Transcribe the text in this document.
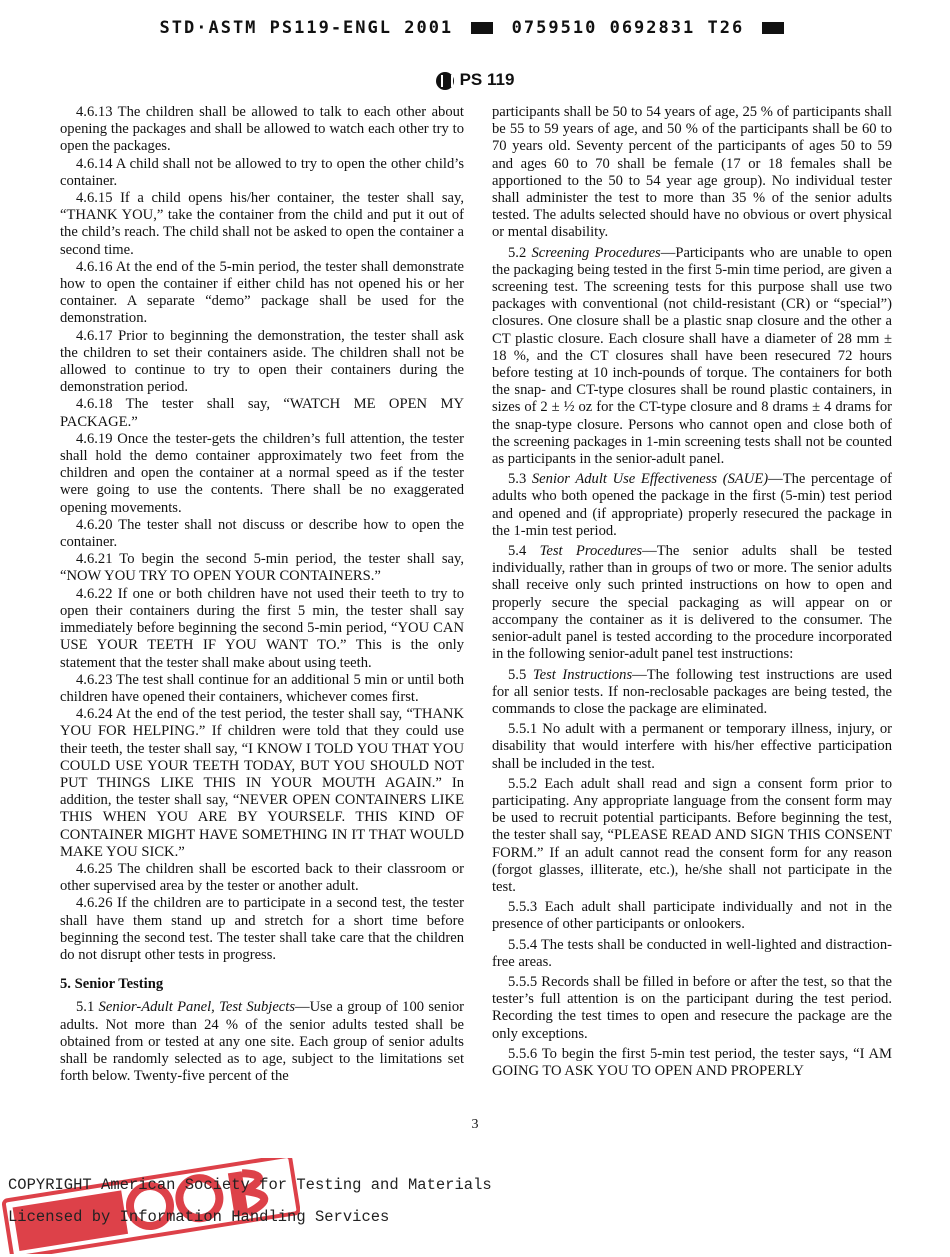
STD·ASTM PS119-ENGL 2001	0759510 0692831 T26
PS 119

4.6.13 The children shall be allowed to talk to each other about opening the packages and shall be allowed to watch each other try to open the packages.

4.6.14 A child shall not be allowed to try to open the other child’s container.

4.6.15 If a child opens his/her container, the tester shall say, “THANK YOU,” take the container from the child and put it out of the child’s reach. The child shall not be asked to open the container a second time.

4.6.16 At the end of the 5-min period, the tester shall demonstrate how to open the container if either child has not opened his or her container. A separate “demo” package shall be used for the demonstration.

4.6.17 Prior to beginning the demonstration, the tester shall ask the children to set their containers aside. The children shall not be allowed to continue to try to open their containers during the demonstration period.

4.6.18 The tester shall say, “WATCH ME OPEN MY PACKAGE.”

4.6.19 Once the tester-gets the children’s full attention, the tester shall hold the demo container approximately two feet from the children and open the container at a normal speed as if the tester were going to use the contents. There shall be no exaggerated opening movements.

4.6.20 The tester shall not discuss or describe how to open the container.

4.6.21 To begin the second 5-min period, the tester shall say, “NOW YOU TRY TO OPEN YOUR CONTAINERS.”

4.6.22 If one or both children have not used their teeth to try to open their containers during the first 5 min, the tester shall say immediately before beginning the second 5-min period, “YOU CAN USE YOUR TEETH IF YOU WANT TO.” This is the only statement that the tester shall make about using teeth.

4.6.23 The test shall continue for an additional 5 min or until both children have opened their containers, whichever comes first.

4.6.24 At the end of the test period, the tester shall say, “THANK YOU FOR HELPING.” If children were told that they could use their teeth, the tester shall say, “I KNOW I TOLD YOU THAT YOU COULD USE YOUR TEETH TODAY, BUT YOU SHOULD NOT PUT THINGS LIKE THIS IN YOUR MOUTH AGAIN.” In addition, the tester shall say, “NEVER OPEN CONTAINERS LIKE THIS WHEN YOU ARE BY YOURSELF. THIS KIND OF CONTAINER MIGHT HAVE SOMETHING IN IT THAT WOULD MAKE YOU SICK.”

4.6.25 The children shall be escorted back to their classroom or other supervised area by the tester or another adult.

4.6.26 If the children are to participate in a second test, the tester shall have them stand up and stretch for a short time before beginning the second test. The tester shall take care that the children do not disrupt other tests in progress.

5. Senior Testing

5.1 Senior-Adult Panel, Test Subjects—Use a group of 100 senior adults. Not more than 24 % of the senior adults tested shall be obtained from or tested at any one site. Each group of senior adults shall be randomly selected as to age, subject to the limitations set forth below. Twenty-five percent of the

participants shall be 50 to 54 years of age, 25 % of participants shall be 55 to 59 years of age, and 50 % of the participants shall be 60 to 70 years old. Seventy percent of the participants of ages 50 to 59 and ages 60 to 70 shall be female (17 or 18 females shall be apportioned to the 50 to 54 year age group). No individual tester shall administer the test to more than 35 % of the senior adults tested. The adults selected should have no obvious or overt physical or mental disability.

5.2 Screening Procedures—Participants who are unable to open the packaging being tested in the first 5-min time period, are given a screening test. The screening tests for this purpose shall use two packages with conventional (not child-resistant (CR) or “special”) closures. One closure shall be a plastic snap closure and the other a CT plastic closure. Each closure shall have a diameter of 28 mm ± 18 %, and the CT closures shall have been resecured 72 hours before testing at 10 inch-pounds of torque. The containers for both the snap- and CT-type closures shall be round plastic containers, in sizes of 2 ± ½ oz for the CT-type closure and 8 drams ± 4 drams for the snap-type closure. Persons who cannot open and close both of the screening packages in 1-min screening tests shall not be counted as participants in the senior-adult panel.

5.3 Senior Adult Use Effectiveness (SAUE)—The percentage of adults who both opened the package in the first (5-min) test period and opened and (if appropriate) properly resecured the package in the 1-min test period.

5.4 Test Procedures—The senior adults shall be tested individually, rather than in groups of two or more. The senior adults shall receive only such printed instructions on how to open and properly secure the special packaging as will appear on or accompany the container as it is delivered to the consumer. The senior-adult panel is tested according to the procedure incorporated in the following senior-adult panel test instructions:

5.5 Test Instructions—The following test instructions are used for all senior tests. If non-reclosable packages are being tested, the commands to close the package are eliminated.

5.5.1 No adult with a permanent or temporary illness, injury, or disability that would interfere with his/her effective participation shall be included in the test.

5.5.2 Each adult shall read and sign a consent form prior to participating. Any appropriate language from the consent form may be used to recruit potential participants. Before beginning the test, the tester shall say, “PLEASE READ AND SIGN THIS CONSENT FORM.” If an adult cannot read the consent form for any reason (forgot glasses, illiterate, etc.), he/she shall not participate in the test.

5.5.3 Each adult shall participate individually and not in the presence of other participants or onlookers.

5.5.4 The tests shall be conducted in well-lighted and distraction-free areas.

5.5.5 Records shall be filled in before or after the test, so that the tester’s full attention is on the participant during the test period. Recording the test times to open and resecure the package are the only exceptions.

5.5.6 To begin the first 5-min test period, the tester says, “I AM GOING TO ASK YOU TO OPEN AND PROPERLY

3
COPYRIGHT American Society for Testing and Materials
Licensed by Information Handling Services
